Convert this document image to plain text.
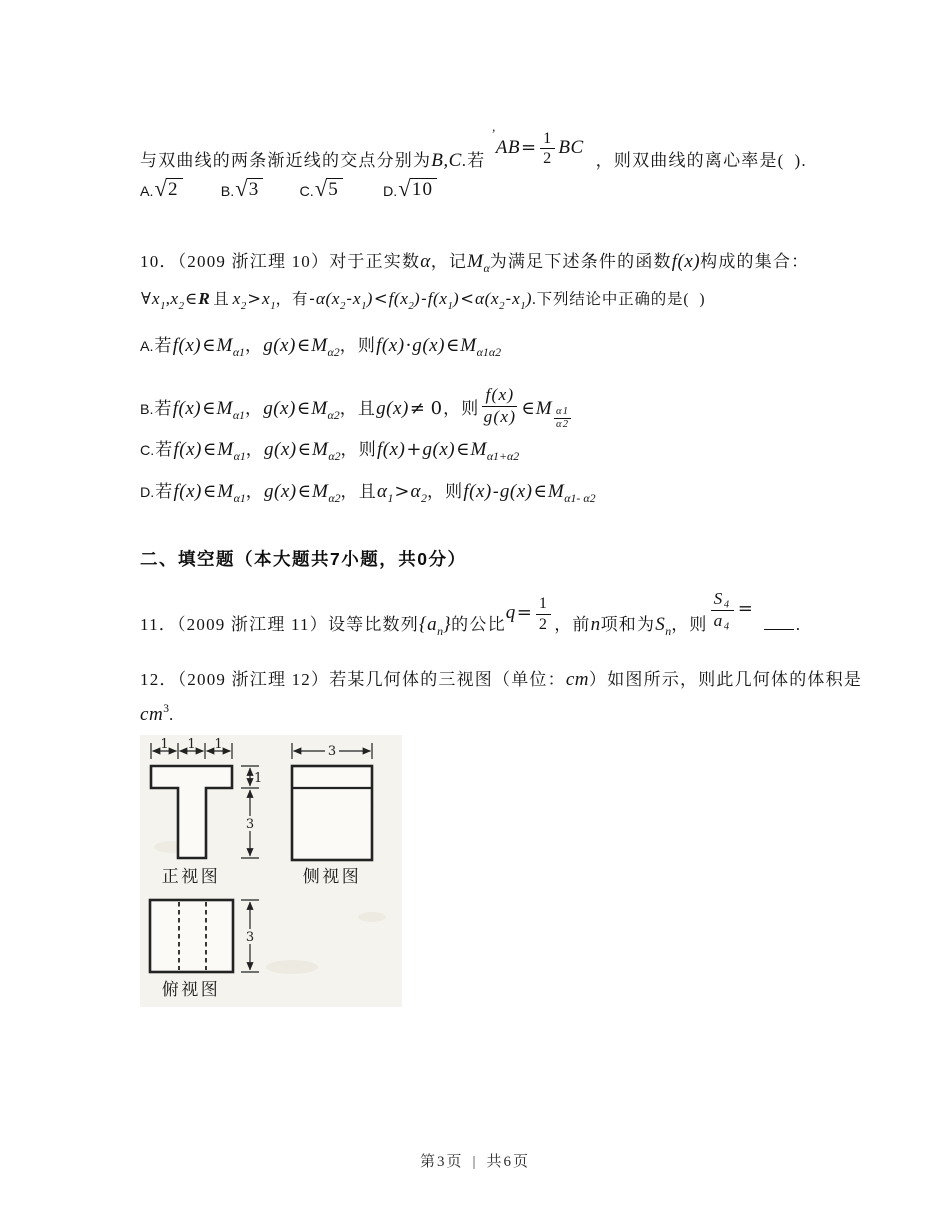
与双曲线的两条渐近线的交点分别为B,C.若$^’AB= \frac{1}{2}$ BC，则双曲线的离心率是( ).
A. √ 2	B. √ 3	C. √ 5	D. √ 10
10．（2009 浙江理 10）对于正实数α，记$M_\alpha$为满足下述条件的函数f(x)构成的集合：
$\forall x_1,x_2\in R$ 且 $x_2>x_1$，有$-\alpha(x_2-x_1)<f(x_2)-f(x_1)<\alpha(x_2-x_1)$.下列结论中正确的是( )
A.若$f(x)\in M_{\alpha 1}$，$g(x)\in M_{\alpha 2}$，则$f(x)\cdot g(x)\in M_{\alpha 1\alpha 2}$
B.若$f(x)\in M_{\alpha 1}$，$g(x)\in M_{\alpha 2}$，且g(x)≠ 0，则 $\frac{f(x)}{g(x)}$ ∈M $\frac{\alpha 1}{\alpha 2}$
C.若$f(x)\in M_{\alpha 1}$，$g(x)\in M_{\alpha 2}$，则$f(x)+g(x)\in M_{\alpha 1+\alpha 2}$
D.若$f(x)\in M_{\alpha 1}$，$g(x)\in M_{\alpha 2}$，且$\alpha_1>\alpha_2$，则$f(x)-g(x)\in M_{\alpha 1- \alpha 2}$
二、填空题（本大题共7小题，共0分）
11．（2009 浙江理 11）设等比数列$\{a_n\}$的公比$q= \frac{1}{2}$ ，前n项和为$S_n$，则 $\frac{\text{S₄}}{\text{a₄}}$ =.
12．（2009 浙江理 12）若某几何体的三视图（单位：cm）如图所示，则此几何体的体积是
$cm^3$.
1 1 1
1
3
正视图
3
侧视图
3
俯视图
第3页 | 共6页
